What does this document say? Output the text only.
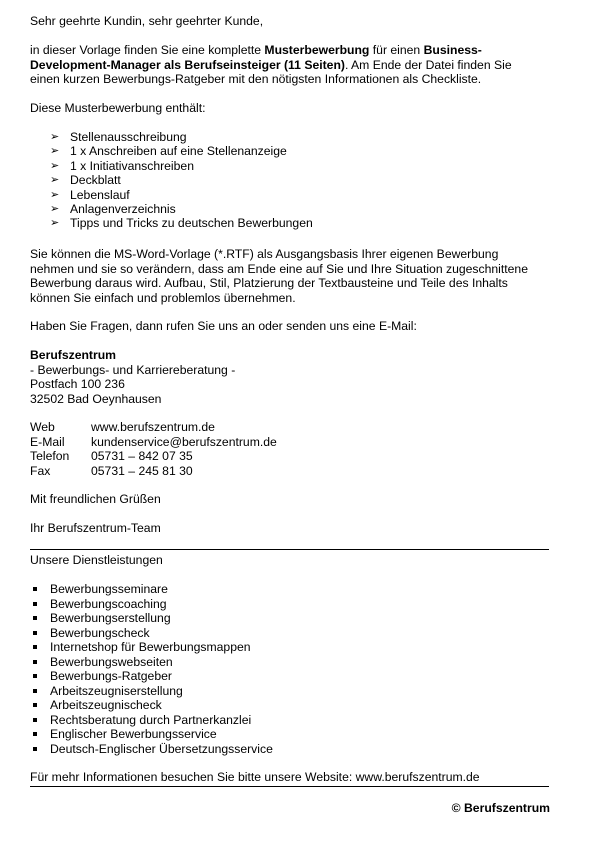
Sehr geehrte Kundin, sehr geehrter Kunde,

in dieser Vorlage finden Sie eine komplette Musterbewerbung für einen Business-

Development-Manager als Berufseinsteiger (11 Seiten). Am Ende der Datei finden Sie

einen kurzen Bewerbungs-Ratgeber mit den nötigsten Informationen als Checkliste.

Diese Musterbewerbung enthält:

➢ Stellenausschreibung
➢ 1 x Anschreiben auf eine Stellenanzeige
➢ 1 x Initiativanschreiben
➢ Deckblatt
➢ Lebenslauf
➢ Anlagenverzeichnis
➢ Tipps und Tricks zu deutschen Bewerbungen

Sie können die MS-Word-Vorlage (*.RTF) als Ausgangsbasis Ihrer eigenen Bewerbung

nehmen und sie so verändern, dass am Ende eine auf Sie und Ihre Situation zugeschnittene

Bewerbung daraus wird. Aufbau, Stil, Platzierung der Textbausteine und Teile des Inhalts

können Sie einfach und problemlos übernehmen.

Haben Sie Fragen, dann rufen Sie uns an oder senden uns eine E-Mail:

Berufszentrum

- Bewerbungs- und Karriereberatung -

Postfach 100 236

32502 Bad Oeynhausen

Web	www.berufszentrum.de

E-Mail kundenservice@berufszentrum.de

Telefon 05731 – 842 07 35

Fax	05731 – 245 81 30

Mit freundlichen Grüßen

Ihr Berufszentrum-Team

Unsere Dienstleistungen

Bewerbungsseminare
Bewerbungscoaching
Bewerbungserstellung
Bewerbungscheck
Internetshop für Bewerbungsmappen
Bewerbungswebseiten
Bewerbungs-Ratgeber
Arbeitszeugniserstellung
Arbeitszeugnischeck
Rechtsberatung durch Partnerkanzlei
Englischer Bewerbungsservice
Deutsch-Englischer Übersetzungsservice

Für mehr Informationen besuchen Sie bitte unsere Website: www.berufszentrum.de

© Berufszentrum
